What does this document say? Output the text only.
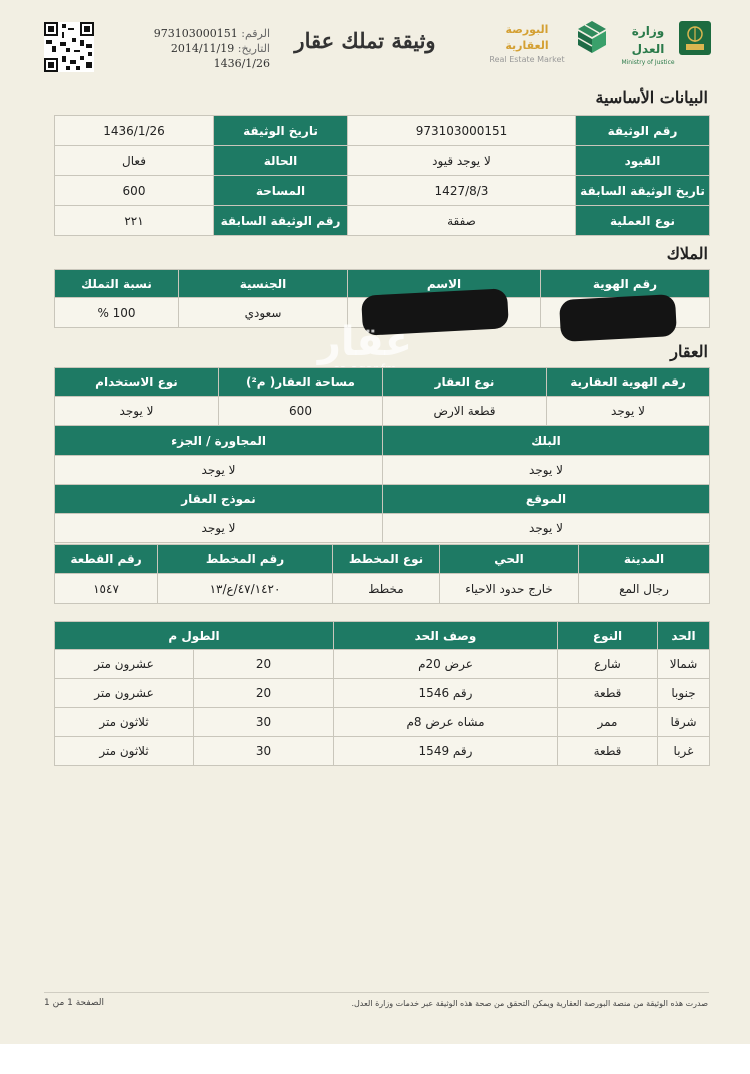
الرقم: 973103000151
التاريخ: 2014/11/19
1436/1/26
وثيقة تملك عقار	البورصة العقارية
Real Estate Market
وزارة العدل
Ministry of Justice
البيانات الأساسية
رقم الوثيقة	973103000151	تاريخ الوثيقة	1436/1/26
القيود	لا يوجد قيود	الحالة	فعال
تاريخ الوثيقة السابقة	1427/8/3	المساحة	600
نوع العملية	صفقة	رقم الوثيقة السابقة	٢٢١
الملاك
رقم الهوية	الاسم	الجنسية	نسبة التملك
		سعودي	100 %
عقار	العقار
رقم الهوية العقارية	نوع العقار	مساحة العقار( م²)	نوع الاستخدام
لا يوجد	قطعة الارض	600	لا يوجد
البلك		المجاورة / الجزء	
لا يوجد		لا يوجد	
الموقع		نموذج العقار	
لا يوجد		لا يوجد	
المدينة	الحي	نوع المخطط	رقم المخطط	رقم القطعة
رجال المع	خارج حدود الاحياء	مخطط	٤٧/١٤٢٠/ع/١٣	١٥٤٧
الحد	النوع	وصف الحد	الطول م	
شمالا	شارع	عرض 20م	20	عشرون متر
جنوبا	قطعة	رقم 1546	20	عشرون متر
شرقا	ممر	مشاه عرض 8م	30	ثلاثون متر
غربا	قطعة	رقم 1549	30	ثلاثون متر
الصفحة 1 من 1	صدرت هذه الوثيقة من منصة البورصة العقارية ويمكن التحقق من صحة هذه الوثيقة عبر خدمات وزارة العدل.
